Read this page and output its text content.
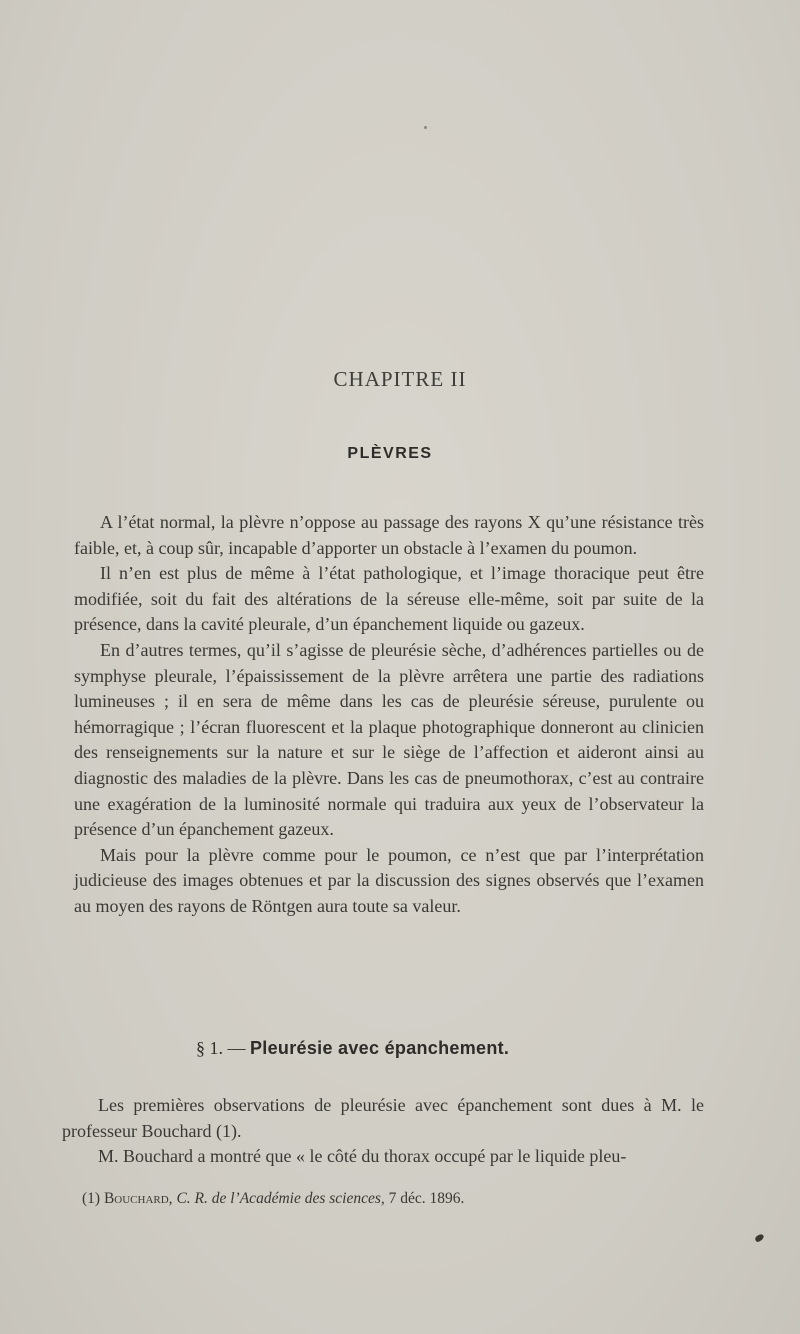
CHAPITRE II
PLÈVRES

A l’état normal, la plèvre n’oppose au passage des rayons X qu’une résistance très faible, et, à coup sûr, incapable d’apporter un obstacle à l’examen du poumon.

Il n’en est plus de même à l’état pathologique, et l’image thoracique peut être modifiée, soit du fait des altérations de la séreuse elle-même, soit par suite de la présence, dans la cavité pleurale, d’un épanchement liquide ou gazeux.

En d’autres termes, qu’il s’agisse de pleurésie sèche, d’adhérences partielles ou de symphyse pleurale, l’épaississement de la plèvre arrêtera une partie des radiations lumineuses ; il en sera de même dans les cas de pleurésie séreuse, purulente ou hémorragique ; l’écran fluorescent et la plaque photographique donneront au clinicien des renseignements sur la nature et sur le siège de l’affection et aideront ainsi au diagnostic des maladies de la plèvre. Dans les cas de pneumothorax, c’est au contraire une exagération de la luminosité normale qui traduira aux yeux de l’observateur la présence d’un épanchement gazeux.

Mais pour la plèvre comme pour le poumon, ce n’est que par l’interprétation judicieuse des images obtenues et par la discussion des signes observés que l’examen au moyen des rayons de Röntgen aura toute sa valeur.

§ 1. — Pleurésie avec épanchement.

Les premières observations de pleurésie avec épanchement sont dues à M. le professeur Bouchard (1).

M. Bouchard a montré que « le côté du thorax occupé par le liquide pleu-

(1) Bouchard, C. R. de l’Académie des sciences, 7 déc. 1896.
